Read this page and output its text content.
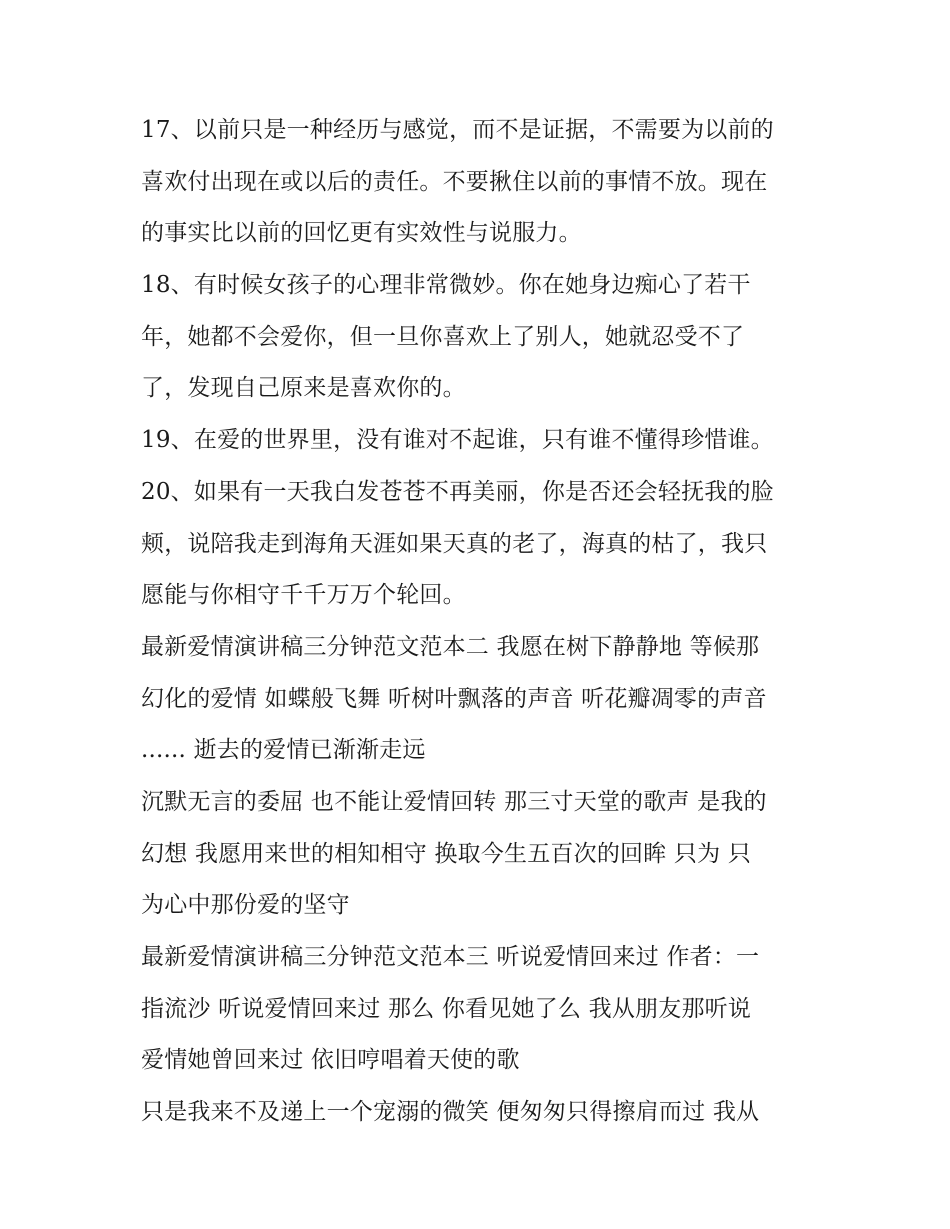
17、以前只是一种经历与感觉，而不是证据，不需要为以前的
喜欢付出现在或以后的责任。不要揪住以前的事情不放。现在
的事实比以前的回忆更有实效性与说服力。
18、有时候女孩子的心理非常微妙。你在她身边痴心了若干
年，她都不会爱你，但一旦你喜欢上了别人，她就忍受不了
了，发现自己原来是喜欢你的。
19、在爱的世界里，没有谁对不起谁，只有谁不懂得珍惜谁。
20、如果有一天我白发苍苍不再美丽，你是否还会轻抚我的脸
颊，说陪我走到海角天涯如果天真的老了，海真的枯了，我只
愿能与你相守千千万万个轮回。
最新爱情演讲稿三分钟范文范本二 我愿在树下静静地 等候那
幻化的爱情 如蝶般飞舞 听树叶飘落的声音 听花瓣凋零的声音
...... 逝去的爱情已渐渐走远
沉默无言的委屈 也不能让爱情回转 那三寸天堂的歌声 是我的
幻想 我愿用来世的相知相守 换取今生五百次的回眸 只为 只
为心中那份爱的坚守
最新爱情演讲稿三分钟范文范本三 听说爱情回来过 作者：一
指流沙 听说爱情回来过 那么 你看见她了么 我从朋友那听说
爱情她曾回来过 依旧哼唱着天使的歌
只是我来不及递上一个宠溺的微笑 便匆匆只得擦肩而过 我从
